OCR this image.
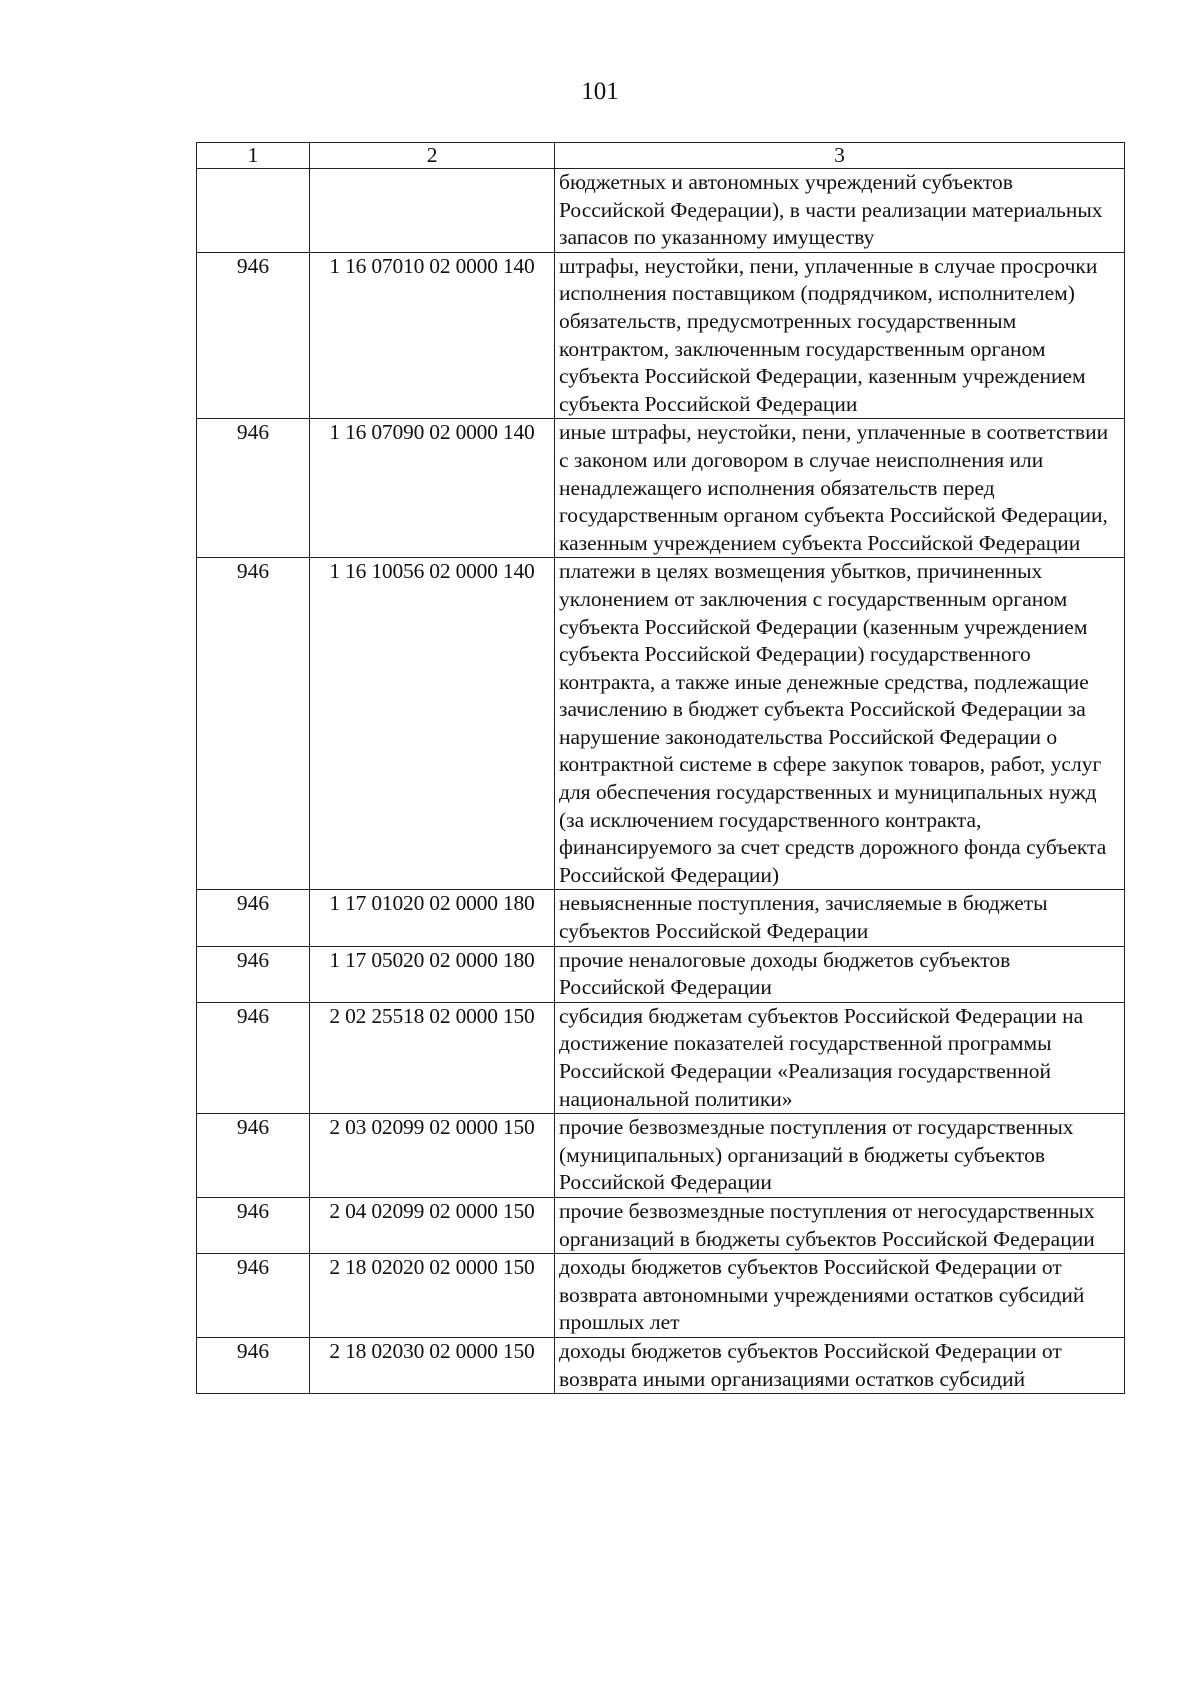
101
1	2	3
		бюджетных и автономных учреждений субъектов Российской Федерации), в части реализации материальных запасов по указанному имуществу
946	1 16 07010 02 0000 140	штрафы, неустойки, пени, уплаченные в случае просрочки исполнения поставщиком (подрядчиком, исполнителем) обязательств, предусмотренных государственным контрактом, заключенным государственным органом субъекта Российской Федерации, казенным учреждением субъекта Российской Федерации
946	1 16 07090 02 0000 140	иные штрафы, неустойки, пени, уплаченные в соответствии с законом или договором в случае неисполнения или ненадлежащего исполнения обязательств перед государственным органом субъекта Российской Федерации, казенным учреждением субъекта Российской Федерации
946	1 16 10056 02 0000 140	платежи в целях возмещения убытков, причиненных уклонением от заключения с государственным органом субъекта Российской Федерации (казенным учреждением субъекта Российской Федерации) государственного контракта, а также иные денежные средства, подлежащие зачислению в бюджет субъекта Российской Федерации за нарушение законодательства Российской Федерации о контрактной системе в сфере закупок товаров, работ, услуг для обеспечения государственных и муниципальных нужд (за исключением государственного контракта, финансируемого за счет средств дорожного фонда субъекта Российской Федерации)
946	1 17 01020 02 0000 180	невыясненные поступления, зачисляемые в бюджеты субъектов Российской Федерации
946	1 17 05020 02 0000 180	прочие неналоговые доходы бюджетов субъектов Российской Федерации
946	2 02 25518 02 0000 150	субсидия бюджетам субъектов Российской Федерации на достижение показателей государственной программы Российской Федерации «Реализация государственной национальной политики»
946	2 03 02099 02 0000 150	прочие безвозмездные поступления от государственных (муниципальных) организаций в бюджеты субъектов Российской Федерации
946	2 04 02099 02 0000 150	прочие безвозмездные поступления от негосударственных организаций в бюджеты субъектов Российской Федерации
946	2 18 02020 02 0000 150	доходы бюджетов субъектов Российской Федерации от возврата автономными учреждениями остатков субсидий прошлых лет
946	2 18 02030 02 0000 150	доходы бюджетов субъектов Российской Федерации от возврата иными организациями остатков субсидий
